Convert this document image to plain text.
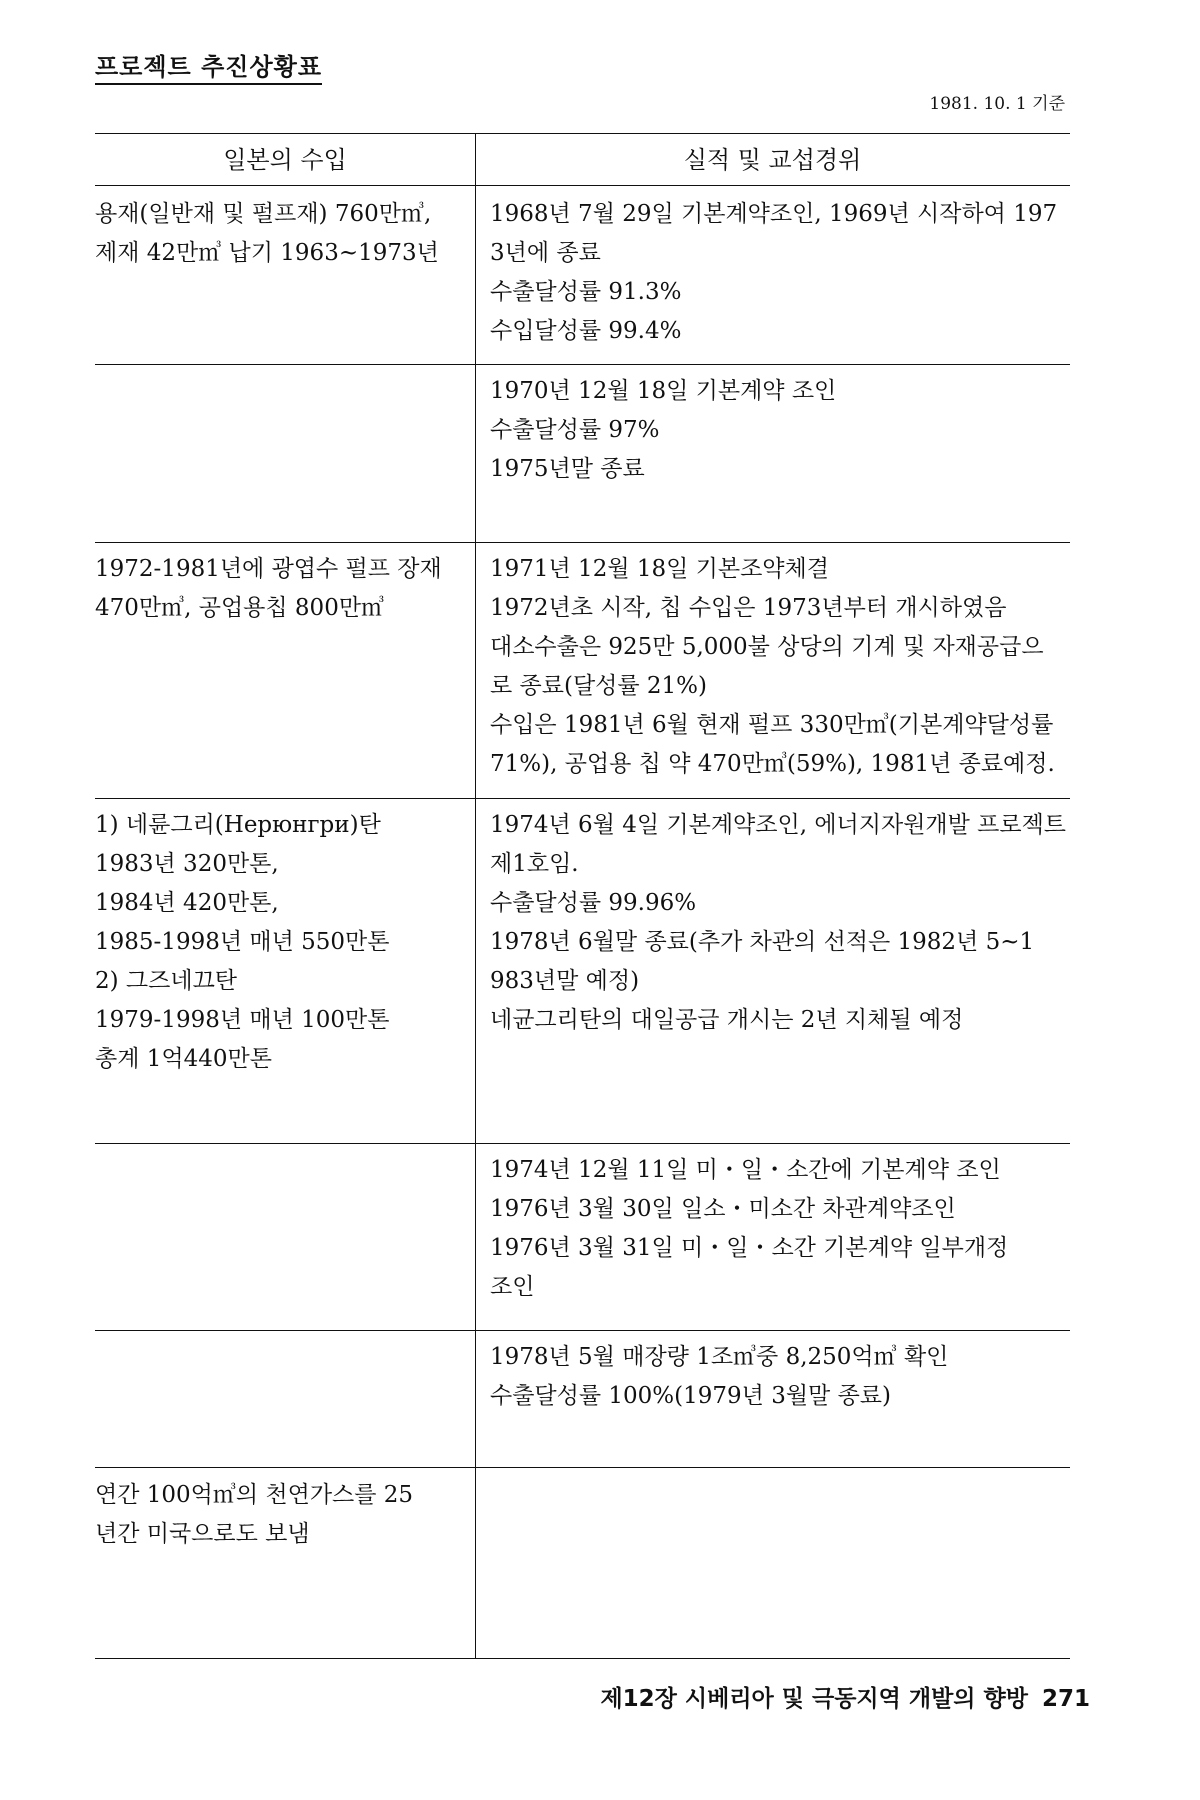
프로젝트 추진상황표
1981. 10. 1 기준
일본의 수입	실적 및 교섭경위
용재(일반재 및 펄프재) 760만㎥,
제재 42만㎥ 납기 1963~1973년
1968년 7월 29일 기본계약조인, 1969년 시작하여 197
3년에 종료
수출달성률 91.3%
수입달성률 99.4%
1970년 12월 18일 기본계약 조인
수출달성률 97%
1975년말 종료
1972-1981년에 광엽수 펄프 장재
470만㎥, 공업용칩 800만㎥
1971년 12월 18일 기본조약체결
1972년초 시작, 칩 수입은 1973년부터 개시하였음
대소수출은 925만 5,000불 상당의 기계 및 자재공급으
로 종료(달성률 21%)
수입은 1981년 6월 현재 펄프 330만㎥(기본계약달성률
71%), 공업용 칩 약 470만㎥(59%), 1981년 종료예정.
1) 네륜그리(Нерюнгри)탄
1983년 320만톤,
1984년 420만톤,
1985-1998년 매년 550만톤
2) 그즈네끄탄
1979-1998년 매년 100만톤
총계 1억440만톤
1974년 6월 4일 기본계약조인, 에너지자원개발 프로젝트
제1호임.
수출달성률 99.96%
1978년 6월말 종료(추가 차관의 선적은 1982년 5~1
983년말 예정)
네균그리탄의 대일공급 개시는 2년 지체될 예정
1974년 12월 11일 미・일・소간에 기본계약 조인
1976년 3월 30일 일소・미소간 차관계약조인
1976년 3월 31일 미・일・소간 기본계약 일부개정
조인
1978년 5월 매장량 1조㎥중 8,250억㎥ 확인
수출달성률 100%(1979년 3월말 종료)
연간 100억㎥의 천연가스를 25
년간 미국으로도 보냄
제12장 시베리아 및 극동지역 개발의 향방 271
